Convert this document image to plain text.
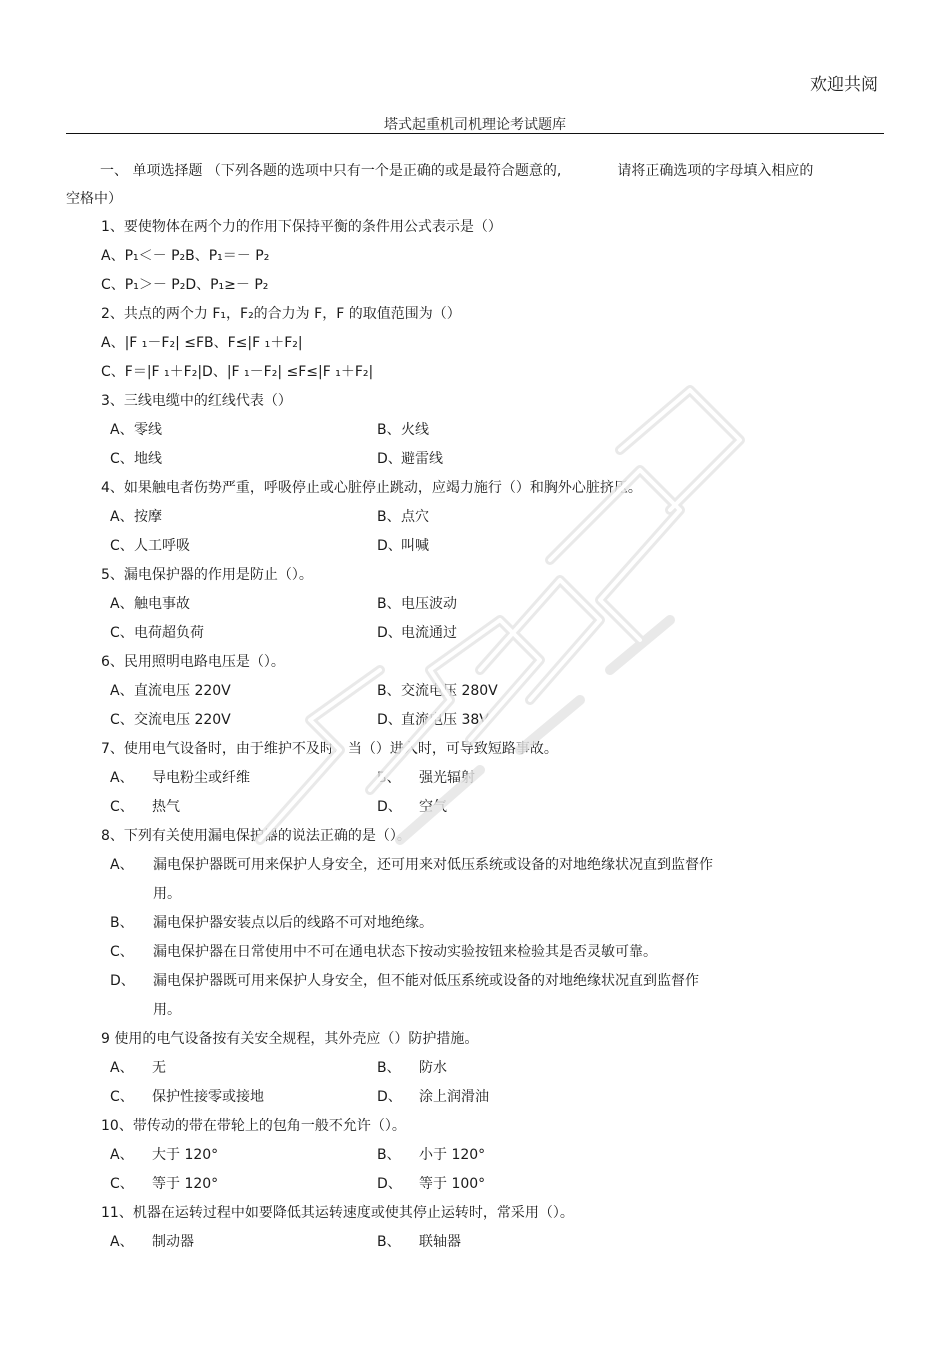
欢迎共阅
塔式起重机司机理论考试题库
一、 单项选择题 （下列各题的选项中只有一个是正确的或是最符合题意的,	请将正确选项的字母填入相应的
空格中）
1、要使物体在两个力的作用下保持平衡的条件用公式表示是（）
A、P₁＜－ P₂B、P₁＝－ P₂
C、P₁＞－ P₂D、P₁≥－ P₂
2、共点的两个力 F₁，F₂的合力为 F，F 的取值范围为（）
A、|F ₁－F₂| ≤FB、F≤|F ₁＋F₂|
C、F＝|F ₁＋F₂|D、|F ₁－F₂| ≤F≤|F ₁＋F₂|
3、三线电缆中的红线代表（）
A、零线	B、火线
C、地线	D、避雷线
4、如果触电者伤势严重，呼吸停止或心脏停止跳动，应竭力施行（）和胸外心脏挤压。
A、按摩	B、点穴
C、人工呼吸	D、叫喊
5、漏电保护器的作用是防止（）。
A、触电事故	B、电压波动
C、电荷超负荷	D、电流通过
6、民用照明电路电压是（）。
A、直流电压 220V	B、交流电压 280V
C、交流电压 220V	D、直流电压 38V
7、使用电气设备时，由于维护不及时，当（）进入时，可导致短路事故。
A、 导电粉尘或纤维	B、 强光辐射
C、 热气	D、 空气
8、下列有关使用漏电保护器的说法正确的是（）。
A、 漏电保护器既可用来保护人身安全，还可用来对低压系统或设备的对地绝缘状况直到监督作用。
B、 漏电保护器安装点以后的线路不可对地绝缘。
C、 漏电保护器在日常使用中不可在通电状态下按动实验按钮来检验其是否灵敏可靠。
D、 漏电保护器既可用来保护人身安全，但不能对低压系统或设备的对地绝缘状况直到监督作用。
9 使用的电气设备按有关安全规程，其外壳应（）防护措施。
A、 无	B、 防水
C、 保护性接零或接地	D、 涂上润滑油
10、带传动的带在带轮上的包角一般不允许（）。
A、 大于 120°	B、 小于 120°
C、 等于 120°	D、 等于 100°
11、机器在运转过程中如要降低其运转速度或使其停止运转时，常采用（）。
A、 制动器	B、 联轴器
